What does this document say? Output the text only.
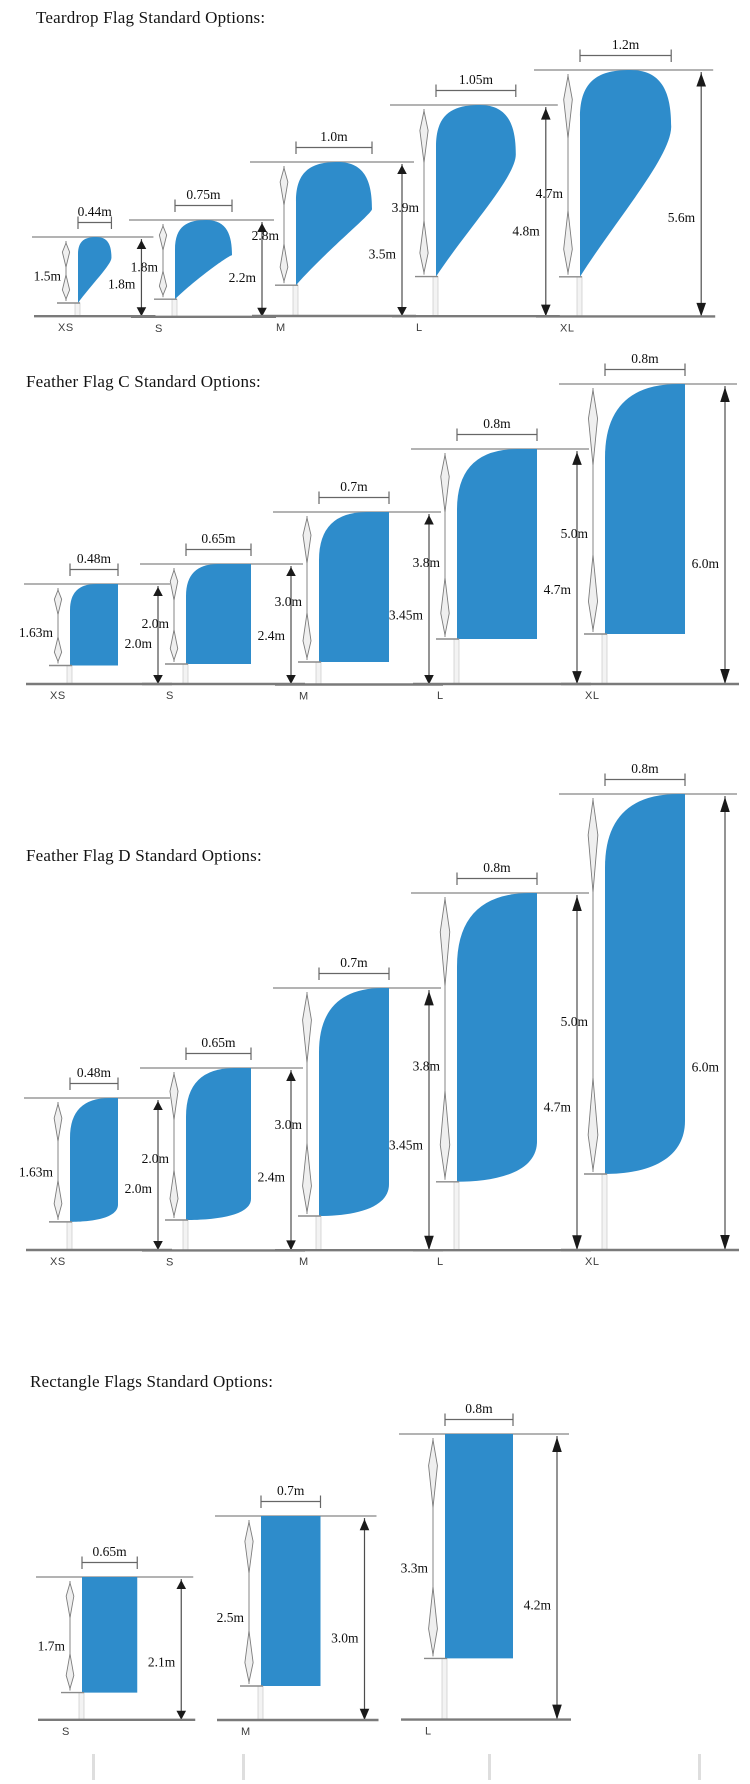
Teardrop Flag Standard Options:
0.44m
1.5m
1.8m
XS
0.75m
1.8m
2.2m
S
1.0m
2.8m
3.5m
M
1.05m
3.9m
4.8m
L
1.2m
4.7m
5.6m
XL
Feather Flag C Standard Options:
0.48m
1.63m
2.0m
XS
0.65m
2.0m
2.4m
S
0.7m
3.0m
3.45m
M
0.8m
3.8m
4.7m
L
0.8m
5.0m
6.0m
XL
Feather Flag D Standard Options:
0.48m
1.63m
2.0m
XS
0.65m
2.0m
2.4m
S
0.7m
3.0m
3.45m
M
0.8m
3.8m
4.7m
L
0.8m
5.0m
6.0m
XL
Rectangle Flags Standard Options:
0.65m
1.7m
2.1m
S
0.7m
2.5m
3.0m
M
0.8m
3.3m
4.2m
L
